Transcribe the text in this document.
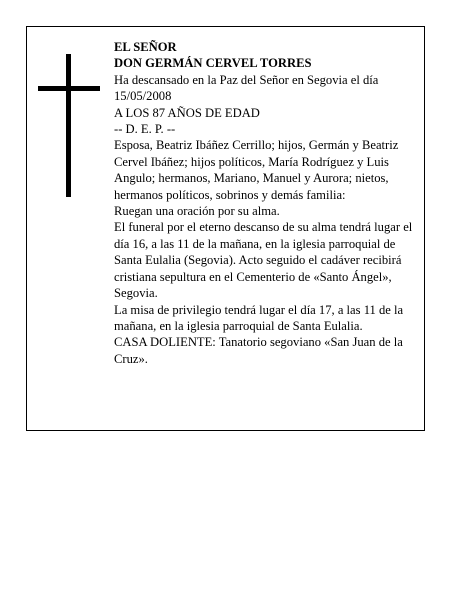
EL SEÑOR

DON GERMÁN CERVEL TORRES

Ha descansado en la Paz del Señor en Segovia el día 15/05/2008

A LOS 87 AÑOS DE EDAD

-- D. E. P. --

Esposa, Beatriz Ibáñez Cerrillo; hijos, Germán y Beatriz Cervel Ibáñez; hijos políticos, María Rodríguez y Luis Angulo; hermanos, Mariano, Manuel y Aurora; nietos, hermanos políticos, sobrinos y demás familia:

Ruegan una oración por su alma.

El funeral por el eterno descanso de su alma tendrá lugar el día 16, a las 11 de la mañana, en la iglesia parroquial de Santa Eulalia (Segovia). Acto seguido el cadáver recibirá cristiana sepultura en el Cementerio de «Santo Ángel», Segovia.

La misa de privilegio tendrá lugar el día 17, a las 11 de la mañana, en la iglesia parroquial de Santa Eulalia.

CASA DOLIENTE: Tanatorio segoviano «San Juan de la Cruz».
